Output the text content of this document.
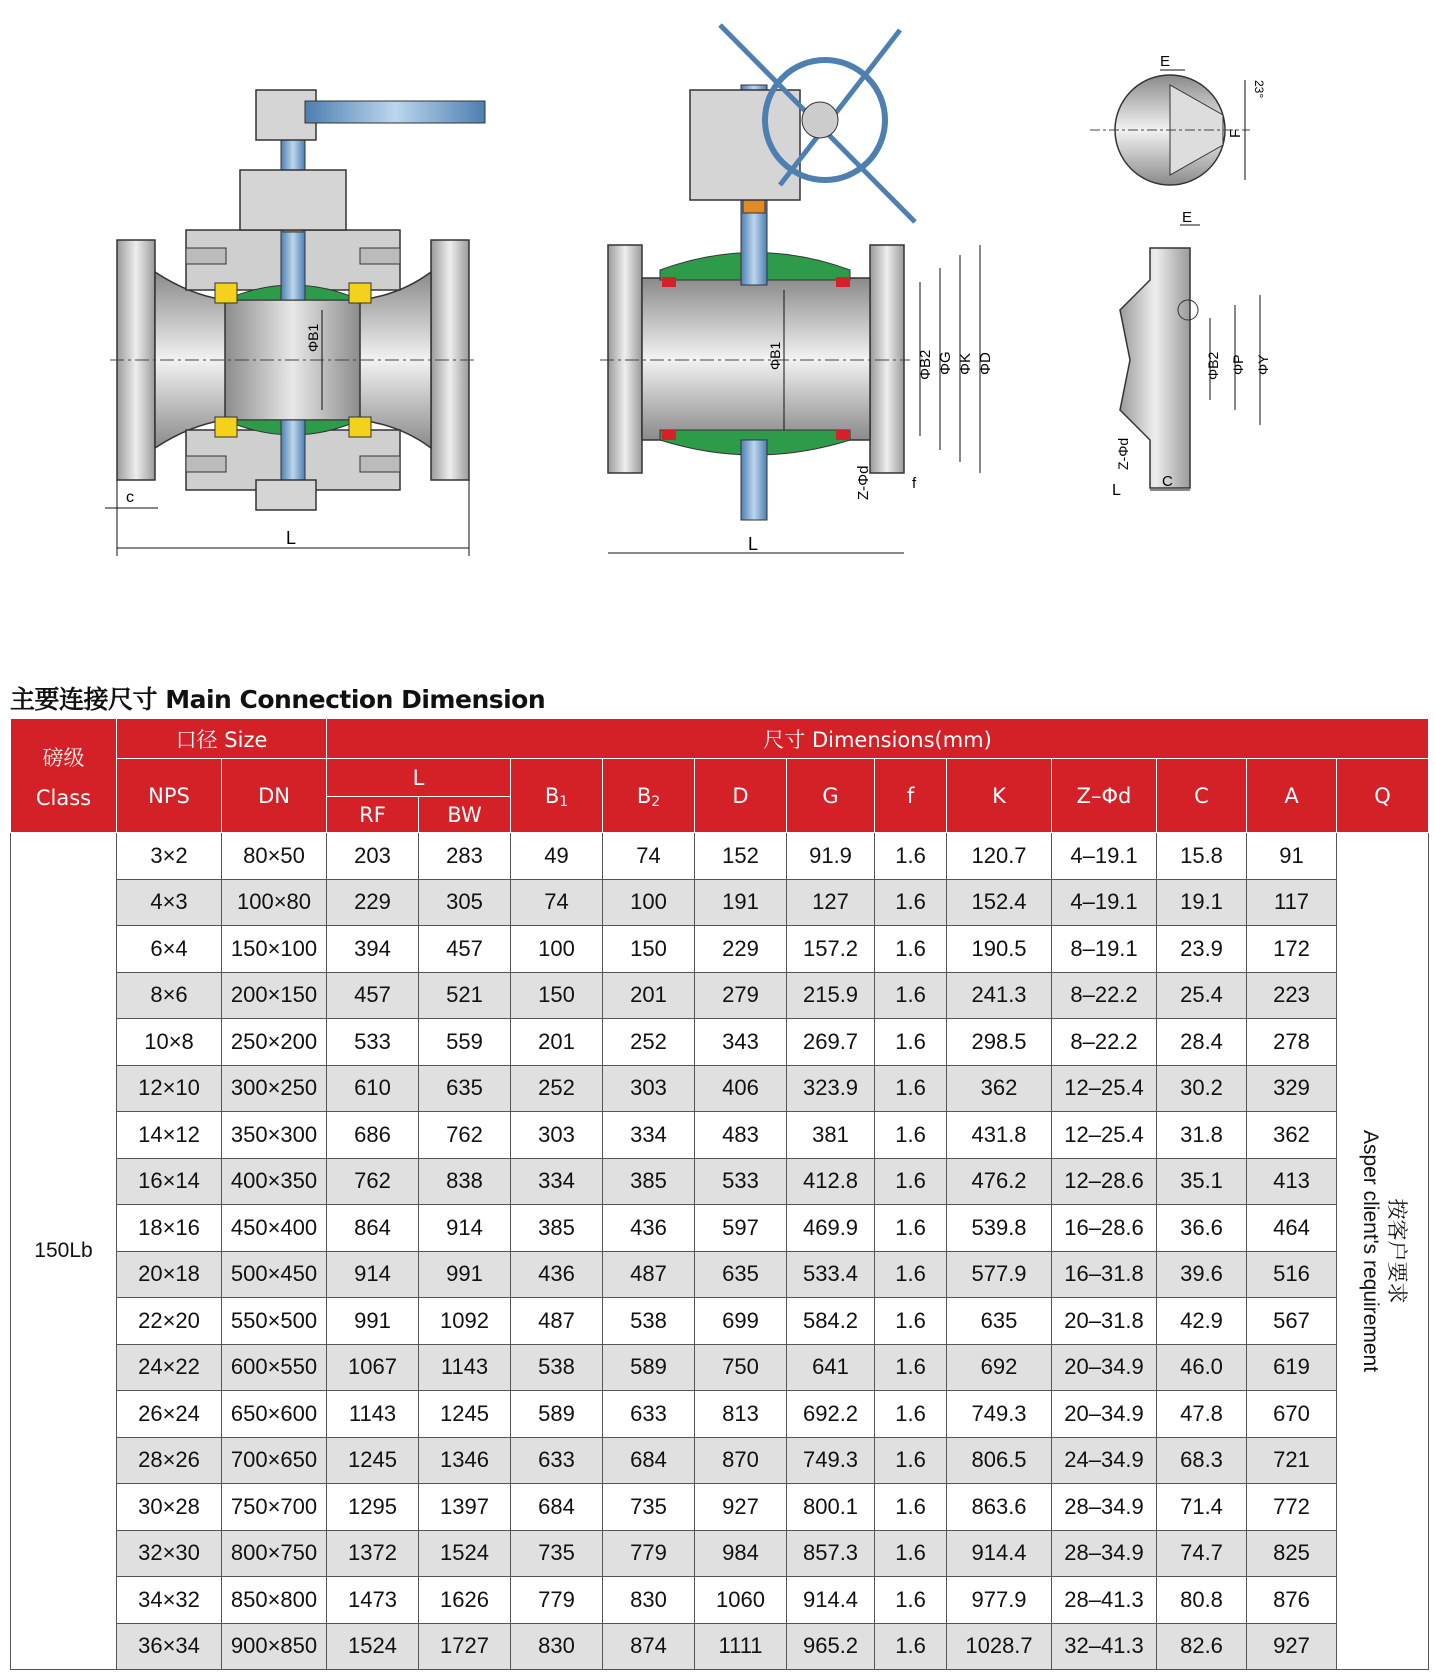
ΦB1
L
c
ΦB1
L
ΦB2 ΦG ΦK ΦD
Z-Φd	f
E
F
23°
E
ΦB2 ΦP ΦY
Z-Φd
L
C
主要连接尺寸 Main Connection Dimension
磅级
Class	口径 Size		尺寸 Dimensions(mm)											
	NPS	DN	L		$B_1$	$B_2$	D	G	f	K	Z–Φd	C	A	Q
			RF	BW										
150Lb	3×2	80×50	203	283	49	74	152	91.9	1.6	120.7	4–19.1	15.8	91	按客户要求
Asper client's requirement

	4×3	100×80	229	305	74	100	191	127	1.6	152.4	4–19.1	19.1	117	
	6×4	150×100	394	457	100	150	229	157.2	1.6	190.5	8–19.1	23.9	172	
	8×6	200×150	457	521	150	201	279	215.9	1.6	241.3	8–22.2	25.4	223	
	10×8	250×200	533	559	201	252	343	269.7	1.6	298.5	8–22.2	28.4	278	
	12×10	300×250	610	635	252	303	406	323.9	1.6	362	12–25.4	30.2	329	
	14×12	350×300	686	762	303	334	483	381	1.6	431.8	12–25.4	31.8	362	
	16×14	400×350	762	838	334	385	533	412.8	1.6	476.2	12–28.6	35.1	413	
	18×16	450×400	864	914	385	436	597	469.9	1.6	539.8	16–28.6	36.6	464	
	20×18	500×450	914	991	436	487	635	533.4	1.6	577.9	16–31.8	39.6	516	
	22×20	550×500	991	1092	487	538	699	584.2	1.6	635	20–31.8	42.9	567	
	24×22	600×550	1067	1143	538	589	750	641	1.6	692	20–34.9	46.0	619	
	26×24	650×600	1143	1245	589	633	813	692.2	1.6	749.3	20–34.9	47.8	670	
	28×26	700×650	1245	1346	633	684	870	749.3	1.6	806.5	24–34.9	68.3	721	
	30×28	750×700	1295	1397	684	735	927	800.1	1.6	863.6	28–34.9	71.4	772	
	32×30	800×750	1372	1524	735	779	984	857.3	1.6	914.4	28–34.9	74.7	825	
	34×32	850×800	1473	1626	779	830	1060	914.4	1.6	977.9	28–41.3	80.8	876	
	36×34	900×850	1524	1727	830	874	1111	965.2	1.6	1028.7	32–41.3	82.6	927	
